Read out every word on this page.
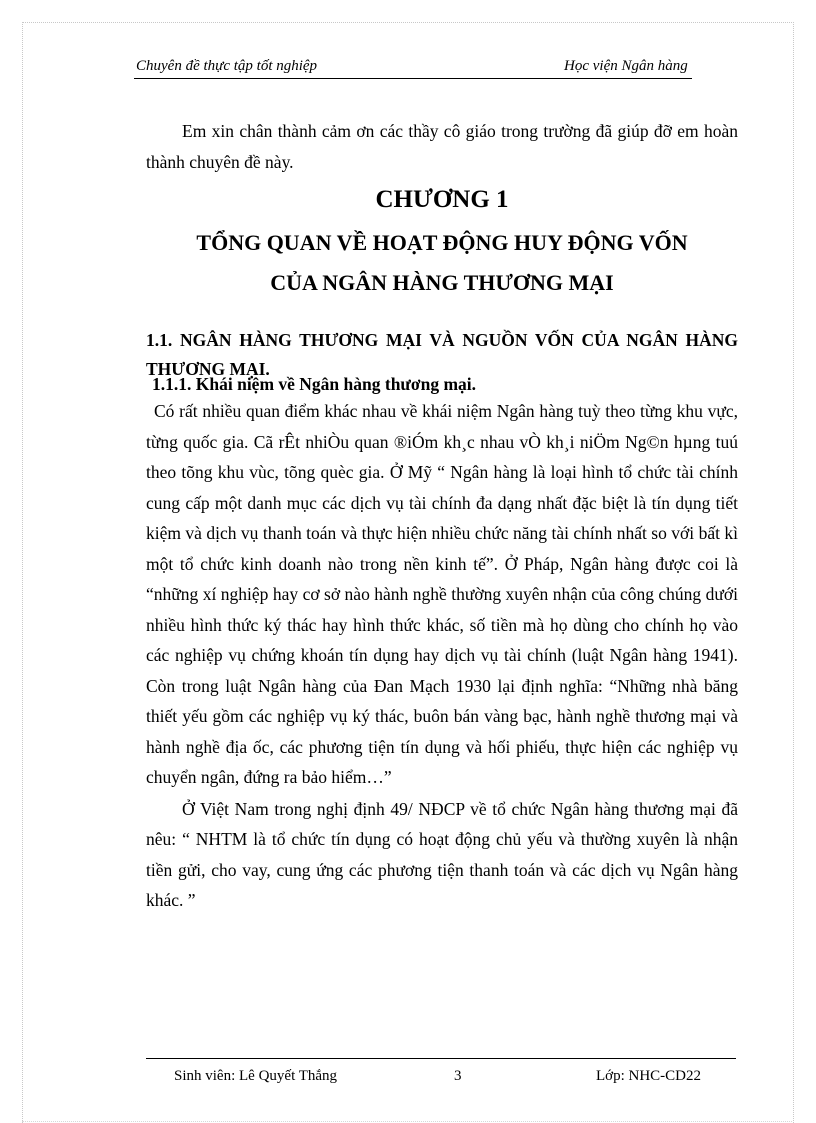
Chuyên đề thực tập tốt nghiệp	Học viện Ngân hàng

Em xin chân thành cảm ơn các thầy cô giáo trong trường đã giúp đỡ em hoàn thành chuyên đề này.

CHƯƠNG 1
TỔNG QUAN VỀ HOẠT ĐỘNG HUY ĐỘNG VỐN
CỦA NGÂN HÀNG THƯƠNG MẠI
1.1. NGÂN HÀNG THƯƠNG MẠI VÀ NGUỒN VỐN CỦA NGÂN HÀNG THƯƠNG MẠI.
1.1.1. Khái niệm về Ngân hàng thương mại.

Có rất nhiều quan điểm khác nhau về khái niệm Ngân hàng tuỳ theo từng khu vực, từng quốc gia. Cã rÊt nhiÒu quan ®iÓm kh¸c nhau vÒ kh¸i niÖm Ng©n hµng tuú theo tõng khu vùc, tõng quèc gia. Ở Mỹ “ Ngân hàng là loại hình tổ chức tài chính cung cấp một danh mục các dịch vụ tài chính đa dạng nhất đặc biệt là tín dụng tiết kiệm và dịch vụ thanh toán và thực hiện nhiều chức năng tài chính nhất so với bất kì một tổ chức kinh doanh nào trong nền kinh tế”. Ở Pháp, Ngân hàng được coi là “những xí nghiệp hay cơ sở nào hành nghề thường xuyên nhận của công chúng dưới nhiều hình thức ký thác hay hình thức khác, số tiền mà họ dùng cho chính họ vào các nghiệp vụ chứng khoán tín dụng hay dịch vụ tài chính (luật Ngân hàng 1941). Còn trong luật Ngân hàng của Đan Mạch 1930 lại định nghĩa: “Những nhà băng thiết yếu gồm các nghiệp vụ ký thác, buôn bán vàng bạc, hành nghề thương mại và hành nghề địa ốc, các phương tiện tín dụng và hối phiếu, thực hiện các nghiệp vụ chuyển ngân, đứng ra bảo hiểm…”

Ở Việt Nam trong nghị định 49/ NĐCP về tổ chức Ngân hàng thương mại đã nêu: “ NHTM là tổ chức tín dụng có hoạt động chủ yếu và thường xuyên là nhận tiền gửi, cho vay, cung ứng các phương tiện thanh toán và các dịch vụ Ngân hàng khác. ”

Sinh viên: Lê Quyết Thắng	3	Lớp: NHC-CD22
